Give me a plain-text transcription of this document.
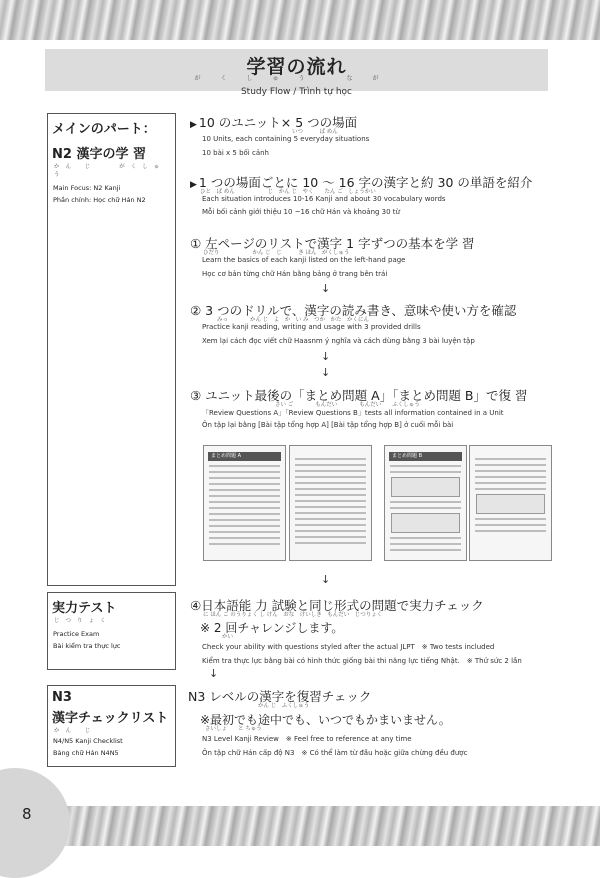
8
学習の流れ
がくしゅう	なが
Study Flow / Trình tự học
メインのパート：
N2 漢字の学 習
かん じ　　がくしゅう
Main Focus: N2 Kanji
Phần chính: Học chữ Hán N2
実力テスト
じつりょく
Practice Exam
Bài kiểm tra thực lực
N3
漢字チェックリスト
かん じ
N4/N5 Kanji Checklist
Bảng chữ Hán N4N5
▶ 10 のユニット× 5 つの場面
いつ　　　ば めん
10 Units, each containing 5 everyday situations
10 bài x 5 bối cảnh
▶ 1 つの場面ごとに 10 ～ 16 字の漢字と約 30 の単語を紹介
ひと　ば めん　　　　　　じ　かん じ　やく　　たん ご　しょうかい
Each situation introduces 10-16 Kanji and about 30 vocabulary words
Mỗi bối cảnh giới thiệu 10 ~16 chữ Hán và khoảng 30 từ
① 左ページのリストで漢字 1 字ずつの基本を学 習
ひだり　　　　　　かん じ　じ　　　き ほん　がくしゅう
Learn the basics of each kanji listed on the left-hand page
Học cơ bản từng chữ Hán bằng bảng ở trang bên trái
↓
② 3 つのドリルで、漢字の読み書き、意味や使い方を確認
みっ　　　　かん じ　よ　か　い み　つか　かた　かくにん
Practice kanji reading, writing and usage with 3 provided drills
Xem lại cách đọc viết chữ Haasnm ý nghĩa và cách dùng bằng 3 bài luyện tập
↓
↓
③ ユニット最後の「まとめ問題 A」「まとめ問題 B」で復 習
さい ご　　　　もんだい　　　　もんだい　　ふくしゅう
「Review Questions A」「Review Questions B」tests all information contained in a Unit
Ôn tập lại bằng [Bài tập tổng hợp A] [Bài tập tổng hợp B] ở cuối mỗi bài
まとめ問題 A	まとめ問題 B
↓
④日本語能 力 試験と同じ形式の問題で実力チェック
に ほん ご のうりょく し けん　おな　けいしき　もんだい　じつりょく
※ 2 回チャレンジします。
かい
Check your ability with questions styled after the actual JLPT　※ Two tests included
Kiểm tra thực lực bằng bài có hình thức giống bài thi năng lực tiếng Nhật.　※ Thử sức 2 lần
↓
N3 レベルの漢字を復習チェック
かん じ　ふくしゅう
※最初でも途中でも、いつでもかまいません。
さいしょ　　と ちゅう
N3 Level Kanji Review　※ Feel free to reference at any time
Ôn tập chữ Hán cấp độ N3　※ Có thể làm từ đầu hoặc giữa chừng đều được
